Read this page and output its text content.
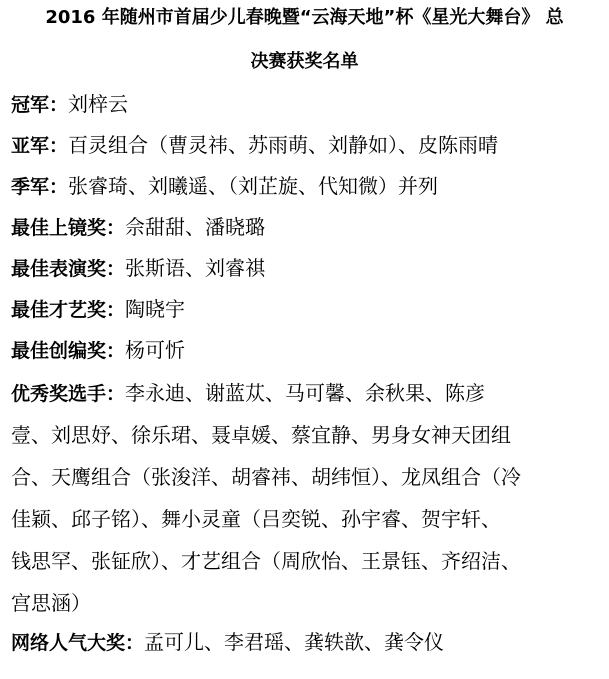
2016 年随州市首届少儿春晚暨“云海天地”杯《星光大舞台》 总
决赛获奖名单
冠军：刘梓云
亚军：百灵组合（曹灵祎、苏雨萌、刘静如）、皮陈雨晴
季军：张睿琦、刘曦遥、（刘芷旋、代知微）并列
最佳上镜奖：佘甜甜、潘晓璐
最佳表演奖：张斯语、刘睿祺
最佳才艺奖：陶晓宇
最佳创编奖：杨可忻
优秀奖选手：李永迪、谢蓝苁、马可馨、余秋果、陈彦
壹、刘思妤、徐乐珺、聂卓媛、蔡宜静、男身女神天团组
合、天鹰组合（张浚洋、胡睿祎、胡纬恒）、龙凤组合（冷
佳颖、邱子铭）、舞小灵童（吕奕锐、孙宇睿、贺宇轩、
钱思罕、张钲欣）、才艺组合（周欣怡、王景钰、齐绍洁、
宫思涵）
网络人气大奖：孟可儿、李君瑶、龚轶歆、龚令仪
